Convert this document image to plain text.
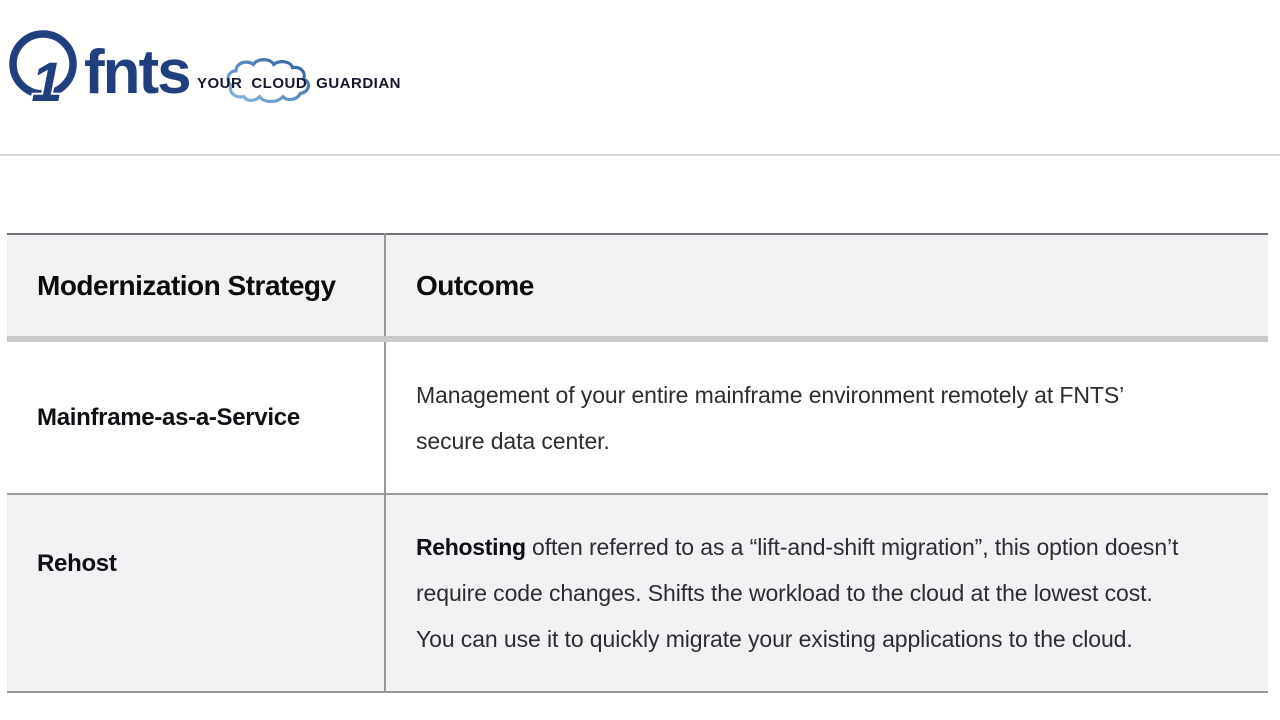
1 fnts YOUR CLOUD GUARDIAN
Modernization Strategy	Outcome
Mainframe-as-a-Service	Management of your entire mainframe environment remotely at FNTS’
secure data center.

Rehost	Rehosting often referred to as a “lift-and-shift migration”, this option doesn’t
require code changes. Shifts the workload to the cloud at the lowest cost.
You can use it to quickly migrate your existing applications to the cloud.
